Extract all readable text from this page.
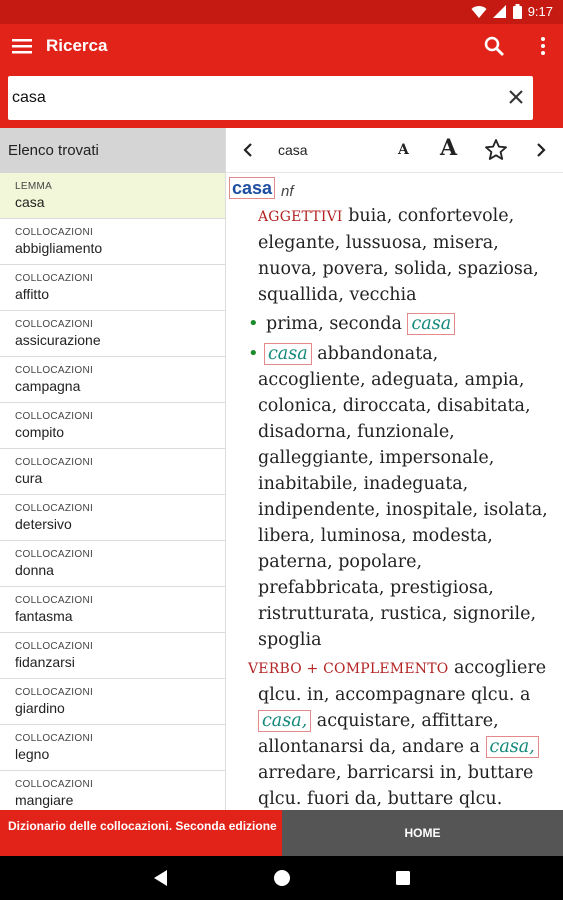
9:17
Ricerca
casa
Elenco trovati
LEMMA
casa
COLLOCAZIONI
abbigliamento
COLLOCAZIONI
affitto
COLLOCAZIONI
assicurazione
COLLOCAZIONI
campagna
COLLOCAZIONI
compito
COLLOCAZIONI
cura
COLLOCAZIONI
detersivo
COLLOCAZIONI
donna
COLLOCAZIONI
fantasma
COLLOCAZIONI
fidanzarsi
COLLOCAZIONI
giardino
COLLOCAZIONI
legno
COLLOCAZIONI
mangiare
casa	A A
casa nf
AGGETTIVI buia, confortevole,
elegante, lussuosa, misera,
nuova, povera, solida, spaziosa,
squallida, vecchia
• prima, seconda casa
• casa abbandonata,
accogliente, adeguata, ampia,
colonica, diroccata, disabitata,
disadorna, funzionale,
galleggiante, impersonale,
inabitabile, inadeguata,
indipendente, inospitale, isolata,
libera, luminosa, modesta,
paterna, popolare,
prefabbricata, prestigiosa,
ristrutturata, rustica, signorile,
spoglia
VERBO + COMPLEMENTO accogliere
qlcu. in, accompagnare qlcu. a
casa, acquistare, affittare,
allontanarsi da, andare a casa,
arredare, barricarsi in, buttare
qlcu. fuori da, buttare qlcu.
Dizionario delle collocazioni. Seconda edizione	HOME
